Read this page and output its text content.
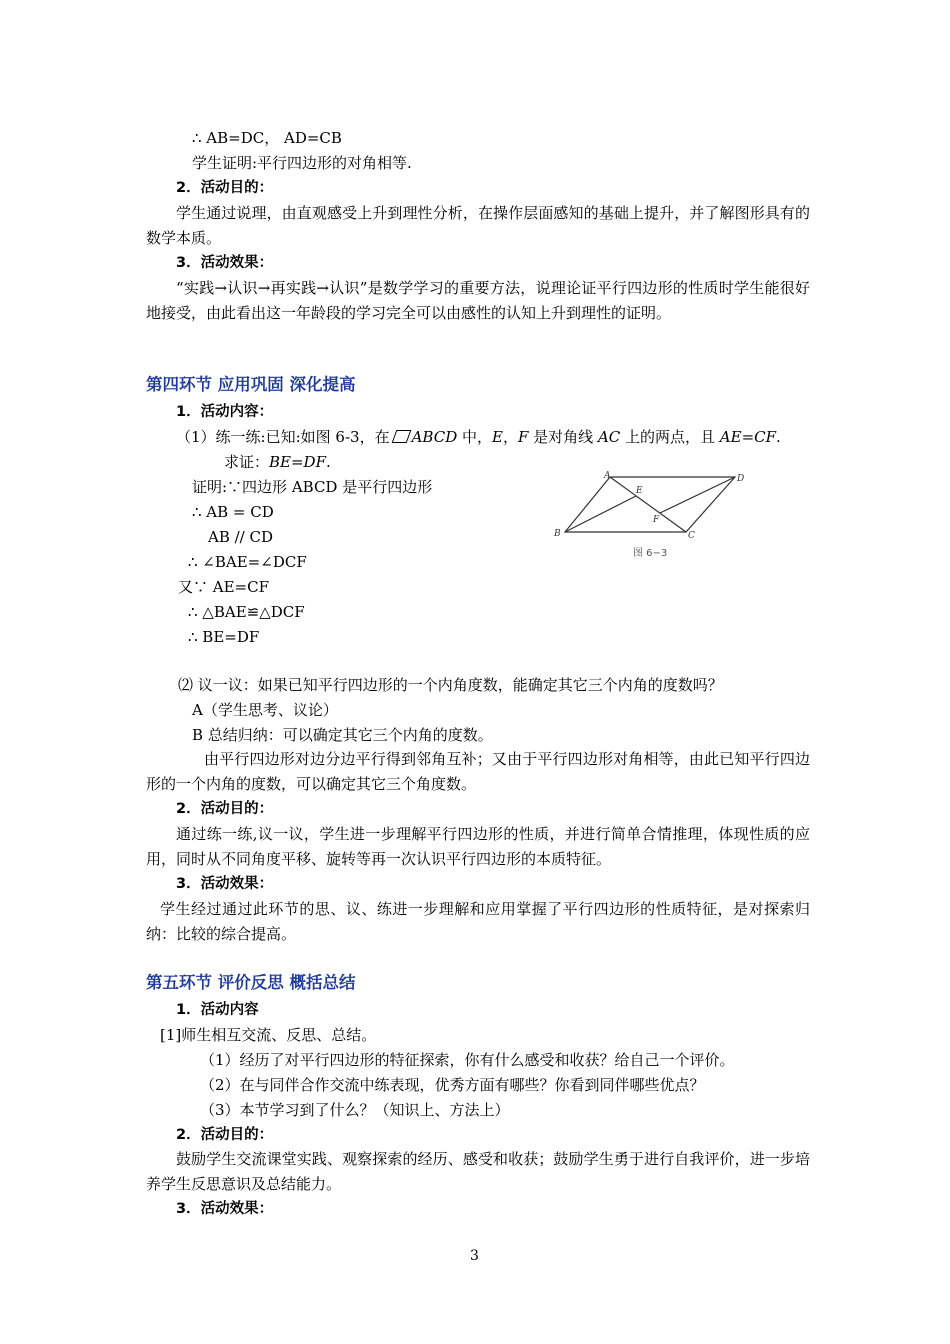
∴ AB=DC， AD=CB
学生证明:平行四边形的对角相等.
2．活动目的：
学生通过说理，由直观感受上升到理性分析，在操作层面感知的基础上提升，并了解图形具有的数学本质。
3．活动效果：
“实践→认识→再实践→认识”是数学学习的重要方法，说理论证平行四边形的性质时学生能很好地接受，由此看出这一年龄段的学习完全可以由感性的认知上升到理性的证明。
第四环节 应用巩固 深化提高
1．活动内容：
（1）练一练:已知:如图 6-3，在 ABCD 中，E，F 是对角线 AC 上的两点，且 AE=CF.
求证：BE=DF.
证明:∵四边形 ABCD 是平行四边形
∴ AB = CD
AB // CD
∴ ∠BAE=∠DCF
又∵ AE=CF
∴ △BAE≌△DCF
∴ BE=DF
A	D
E
F
B	C
图 6−3
⑵ 议一议：如果已知平行四边形的一个内角度数，能确定其它三个内角的度数吗？
A（学生思考、议论）
B 总结归纳：可以确定其它三个内角的度数。
由平行四边形对边分边平行得到邻角互补；又由于平行四边形对角相等，由此已知平行四边形的一个内角的度数，可以确定其它三个角度数。
2．活动目的：
通过练一练,议一议，学生进一步理解平行四边形的性质，并进行简单合情推理，体现性质的应用，同时从不同角度平移、旋转等再一次认识平行四边形的本质特征。
3．活动效果：
学生经过通过此环节的思、议、练进一步理解和应用掌握了平行四边形的性质特征，是对探索归纳：比较的综合提高。
第五环节 评价反思 概括总结
1．活动内容
[1]师生相互交流、反思、总结。
（1）经历了对平行四边形的特征探索，你有什么感受和收获？给自己一个评价。
（2）在与同伴合作交流中练表现，优秀方面有哪些？你看到同伴哪些优点？
（3）本节学习到了什么？（知识上、方法上）
2．活动目的：
鼓励学生交流课堂实践、观察探索的经历、感受和收获；鼓励学生勇于进行自我评价，进一步培养学生反思意识及总结能力。
3．活动效果：
3
